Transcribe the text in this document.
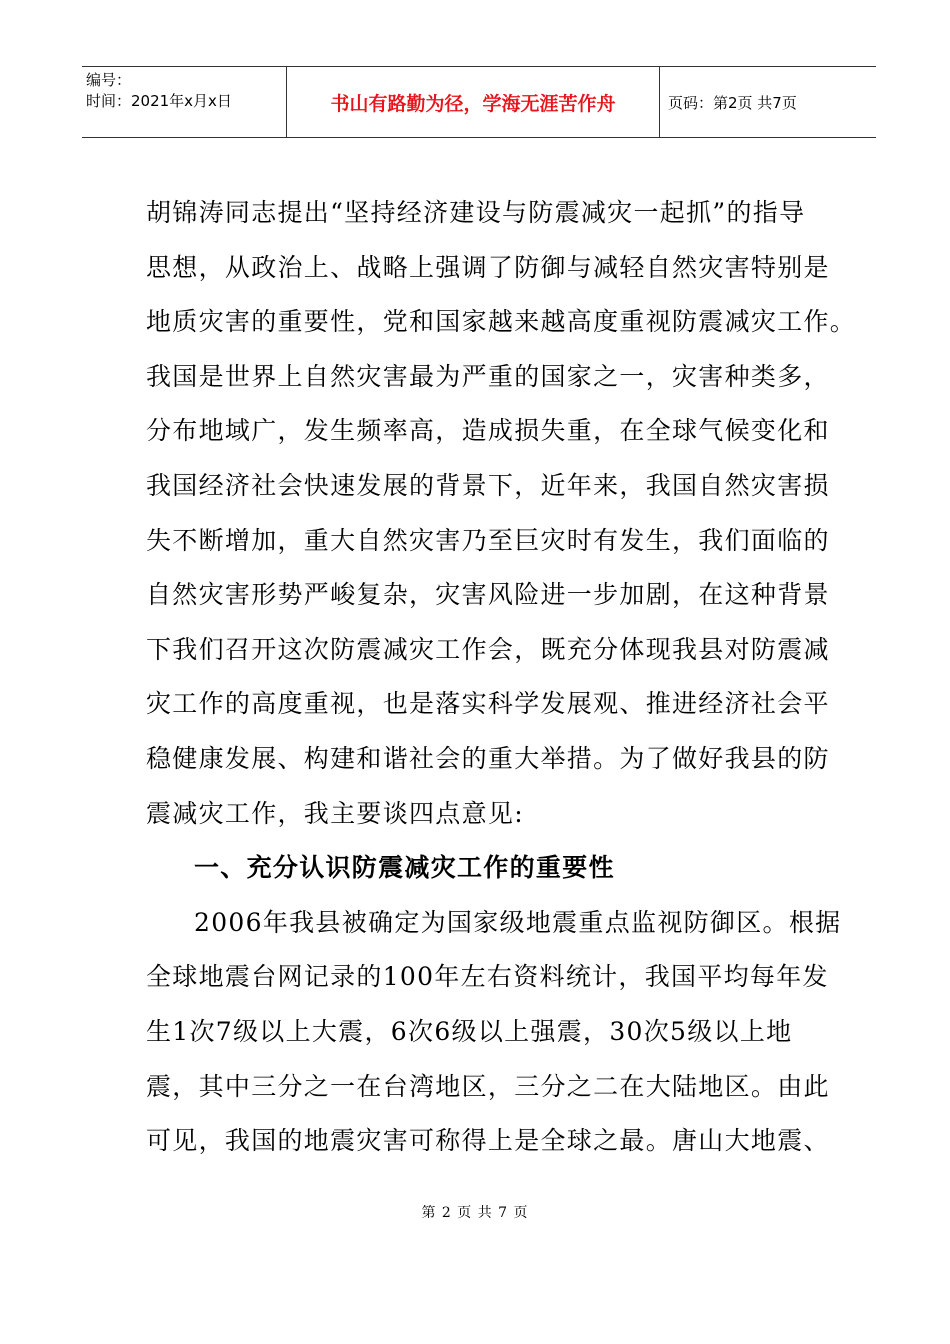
编号：
时间：2021年x月x日	书山有路勤为径，学海无涯苦作舟	页码：第2页 共7页
胡锦涛同志提出“坚持经济建设与防震减灾一起抓”的指导
思想，从政治上、战略上强调了防御与减轻自然灾害特别是
地质灾害的重要性，党和国家越来越高度重视防震减灾工作。
我国是世界上自然灾害最为严重的国家之一，灾害种类多，
分布地域广，发生频率高，造成损失重，在全球气候变化和
我国经济社会快速发展的背景下，近年来，我国自然灾害损
失不断增加，重大自然灾害乃至巨灾时有发生，我们面临的
自然灾害形势严峻复杂，灾害风险进一步加剧，在这种背景
下我们召开这次防震减灾工作会，既充分体现我县对防震减
灾工作的高度重视，也是落实科学发展观、推进经济社会平
稳健康发展、构建和谐社会的重大举措。为了做好我县的防
震减灾工作，我主要谈四点意见:
一、充分认识防震减灾工作的重要性
2006年我县被确定为国家级地震重点监视防御区。根据
全球地震台网记录的100年左右资料统计，我国平均每年发
生1次7级以上大震，6次6级以上强震，30次5级以上地
震，其中三分之一在台湾地区，三分之二在大陆地区。由此
可见，我国的地震灾害可称得上是全球之最。唐山大地震、
第 2 页 共 7 页
